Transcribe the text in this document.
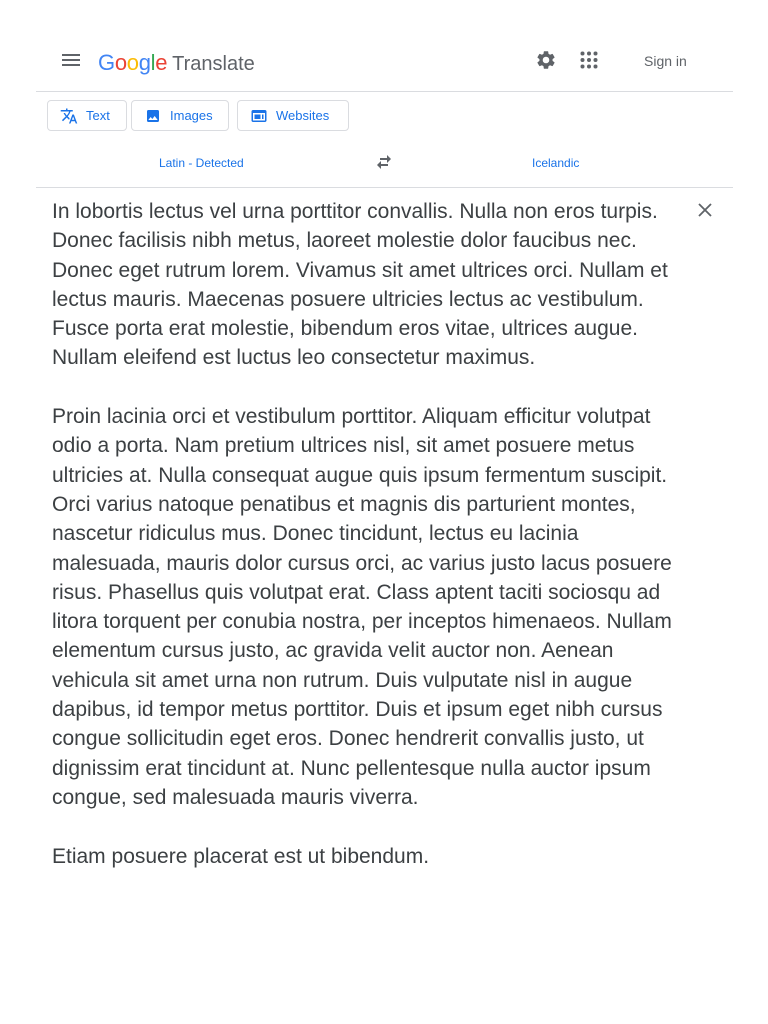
G o o g l e Translate	Sign in
Text	Images	Websites
Latin - Detected	Icelandic
In lobortis lectus vel urna porttitor convallis. Nulla non eros turpis. Donec facilisis nibh metus, laoreet molestie dolor faucibus nec. Donec eget rutrum lorem. Vivamus sit amet ultrices orci. Nullam et lectus mauris. Maecenas posuere ultricies lectus ac vestibulum. Fusce porta erat molestie, bibendum eros vitae, ultrices augue. Nullam eleifend est luctus leo consectetur maximus.

Proin lacinia orci et vestibulum porttitor. Aliquam efficitur volutpat odio a porta. Nam pretium ultrices nisl, sit amet posuere metus ultricies at. Nulla consequat augue quis ipsum fermentum suscipit. Orci varius natoque penatibus et magnis dis parturient montes, nascetur ridiculus mus. Donec tincidunt, lectus eu lacinia malesuada, mauris dolor cursus orci, ac varius justo lacus posuere risus. Phasellus quis volutpat erat. Class aptent taciti sociosqu ad litora torquent per conubia nostra, per inceptos himenaeos. Nullam elementum cursus justo, ac gravida velit auctor non. Aenean vehicula sit amet urna non rutrum. Duis vulputate nisl in augue dapibus, id tempor metus porttitor. Duis et ipsum eget nibh cursus congue sollicitudin eget eros. Donec hendrerit convallis justo, ut dignissim erat tincidunt at. Nunc pellentesque nulla auctor ipsum congue, sed malesuada mauris viverra.

Etiam posuere placerat est ut bibendum.
